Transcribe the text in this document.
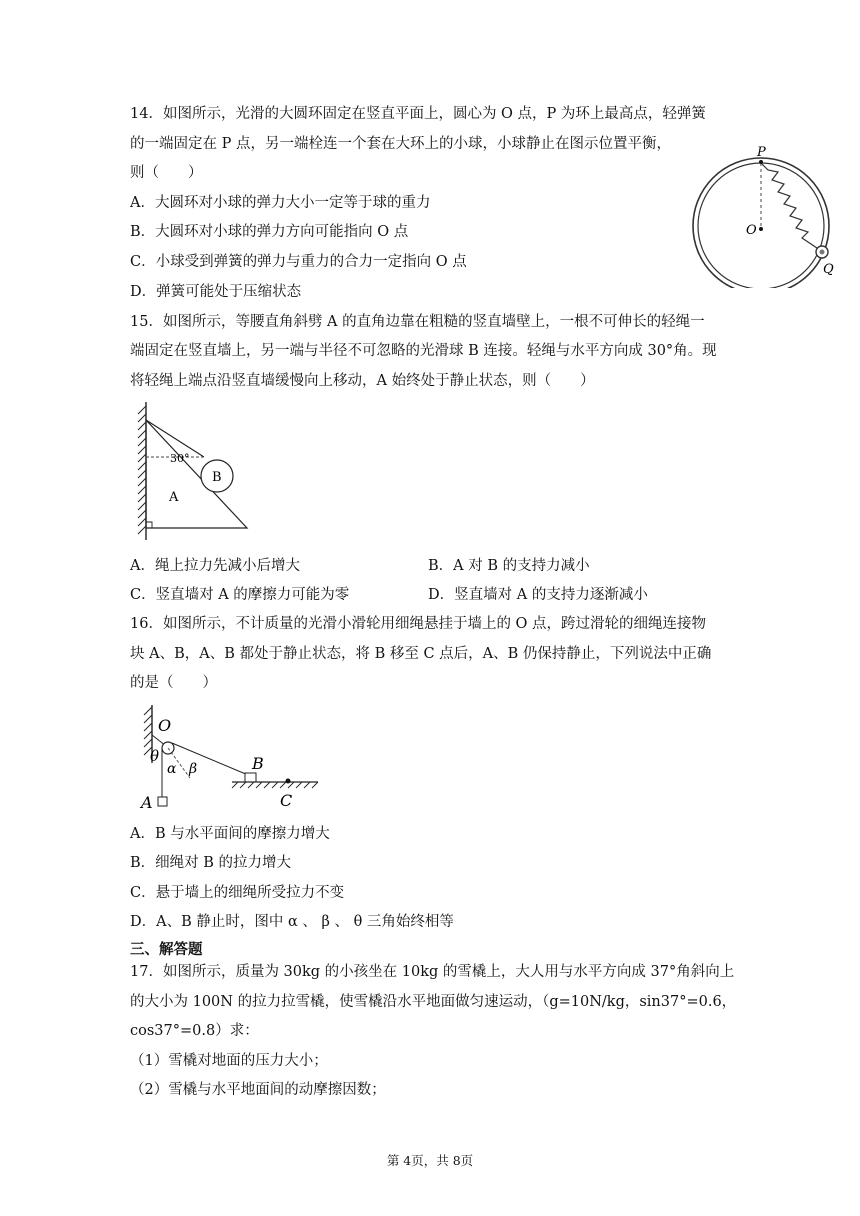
14．如图所示，光滑的大圆环固定在竖直平面上，圆心为 O 点，P 为环上最高点，轻弹簧
的一端固定在 P 点，另一端栓连一个套在大环上的小球，小球静止在图示位置平衡，
则（　　）
A．大圆环对小球的弹力大小一定等于球的重力
B．大圆环对小球的弹力方向可能指向 O 点
C．小球受到弹簧的弹力与重力的合力一定指向 O 点
D．弹簧可能处于压缩状态
P
O
Q
15．如图所示，等腰直角斜劈 A 的直角边靠在粗糙的竖直墙壁上，一根不可伸长的轻绳一
端固定在竖直墙上，另一端与半径不可忽略的光滑球 B 连接。轻绳与水平方向成 30°角。现
将轻绳上端点沿竖直墙缓慢向上移动，A 始终处于静止状态，则（　　）
30°
B
A
A．绳上拉力先减小后增大	B．A 对 B 的支持力减小
C．竖直墙对 A 的摩擦力可能为零	D．竖直墙对 A 的支持力逐渐减小
16．如图所示，不计质量的光滑小滑轮用细绳悬挂于墙上的 O 点，跨过滑轮的细绳连接物
块 A、B，A、B 都处于静止状态，将 B 移至 C 点后，A、B 仍保持静止，下列说法中正确
的是（　　）
O
θ
α β	B
A	C
A．B 与水平面间的摩擦力增大
B．细绳对 B 的拉力增大
C．悬于墙上的细绳所受拉力不变
D．A、B 静止时，图中 α 、 β 、 θ 三角始终相等
三、解答题
17．如图所示，质量为 30kg 的小孩坐在 10kg 的雪橇上，大人用与水平方向成 37°角斜向上
的大小为 100N 的拉力拉雪橇，使雪橇沿水平地面做匀速运动，（g=10N/kg，sin37°=0.6，
cos37°=0.8）求：
（1）雪橇对地面的压力大小；
（2）雪橇与水平地面间的动摩擦因数；
第 4页，共 8页
